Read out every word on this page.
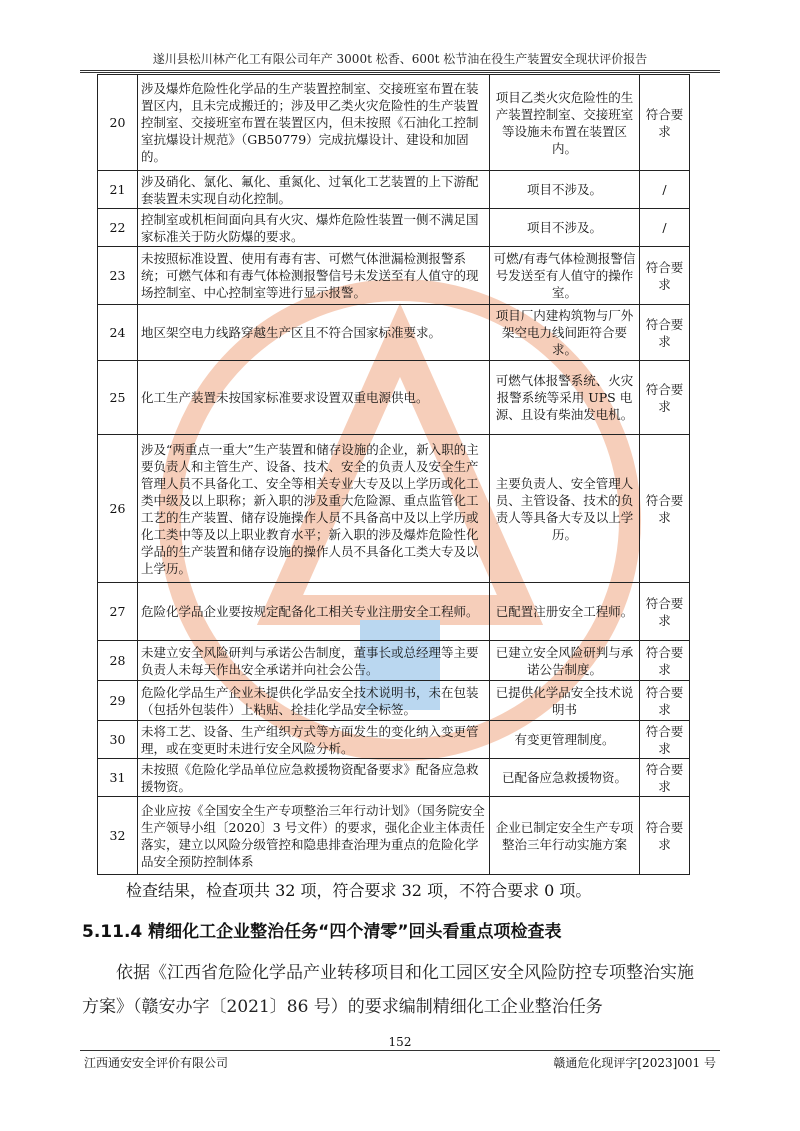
遂川县松川林产化工有限公司年产 3000t 松香、600t 松节油在役生产装置安全现状评价报告
20	涉及爆炸危险性化学品的生产装置控制室、交接班室布置在装置区内，且未完成搬迁的；涉及甲乙类火灾危险性的生产装置控制室、交接班室布置在装置区内，但未按照《石油化工控制室抗爆设计规范》（GB50779）完成抗爆设计、建设和加固的。	项目乙类火灾危险性的生产装置控制室、交接班室等设施未布置在装置区内。	符合要求
21	涉及硝化、氯化、氟化、重氮化、过氧化工艺装置的上下游配套装置未实现自动化控制。	项目不涉及。	/
22	控制室或机柜间面向具有火灾、爆炸危险性装置一侧不满足国家标准关于防火防爆的要求。	项目不涉及。	/
23	未按照标准设置、使用有毒有害、可燃气体泄漏检测报警系统；可燃气体和有毒气体检测报警信号未发送至有人值守的现场控制室、中心控制室等进行显示报警。	可燃/有毒气体检测报警信号发送至有人值守的操作室。	符合要求
24	地区架空电力线路穿越生产区且不符合国家标准要求。	项目厂内建构筑物与厂外架空电力线间距符合要求。	符合要求
25	化工生产装置未按国家标准要求设置双重电源供电。	可燃气体报警系统、火灾报警系统等采用 UPS 电源、且设有柴油发电机。	符合要求
26	涉及“两重点一重大”生产装置和储存设施的企业，新入职的主要负责人和主管生产、设备、技术、安全的负责人及安全生产管理人员不具备化工、安全等相关专业大专及以上学历或化工类中级及以上职称；新入职的涉及重大危险源、重点监管化工工艺的生产装置、储存设施操作人员不具备高中及以上学历或化工类中等及以上职业教育水平；新入职的涉及爆炸危险性化学品的生产装置和储存设施的操作人员不具备化工类大专及以上学历。	主要负责人、安全管理人员、主管设备、技术的负责人等具备大专及以上学历。	符合要求
27	危险化学品企业要按规定配备化工相关专业注册安全工程师。	已配置注册安全工程师。	符合要求
28	未建立安全风险研判与承诺公告制度，董事长或总经理等主要负责人未每天作出安全承诺并向社会公告。	已建立安全风险研判与承诺公告制度。	符合要求
29	危险化学品生产企业未提供化学品安全技术说明书，未在包装（包括外包装件）上粘贴、拴挂化学品安全标签。	已提供化学品安全技术说明书	符合要求
30	未将工艺、设备、生产组织方式等方面发生的变化纳入变更管理，或在变更时未进行安全风险分析。	有变更管理制度。	符合要求
31	未按照《危险化学品单位应急救援物资配备要求》配备应急救援物资。	已配备应急救援物资。	符合要求
32	企业应按《全国安全生产专项整治三年行动计划》（国务院安全生产领导小组〔2020〕3 号文件）的要求，强化企业主体责任落实，建立以风险分级管控和隐患排查治理为重点的危险化学品安全预防控制体系	企业已制定安全生产专项整治三年行动实施方案	符合要求
检查结果，检查项共 32 项，符合要求 32 项，不符合要求 0 项。
5.11.4 精细化工企业整治任务“四个清零”回头看重点项检查表
依据《江西省危险化学品产业转移项目和化工园区安全风险防控专项整治实施方案》（赣安办字〔2021〕86 号）的要求编制精细化工企业整治任务
152
江西通安安全评价有限公司	赣通危化现评字[2023]001 号
